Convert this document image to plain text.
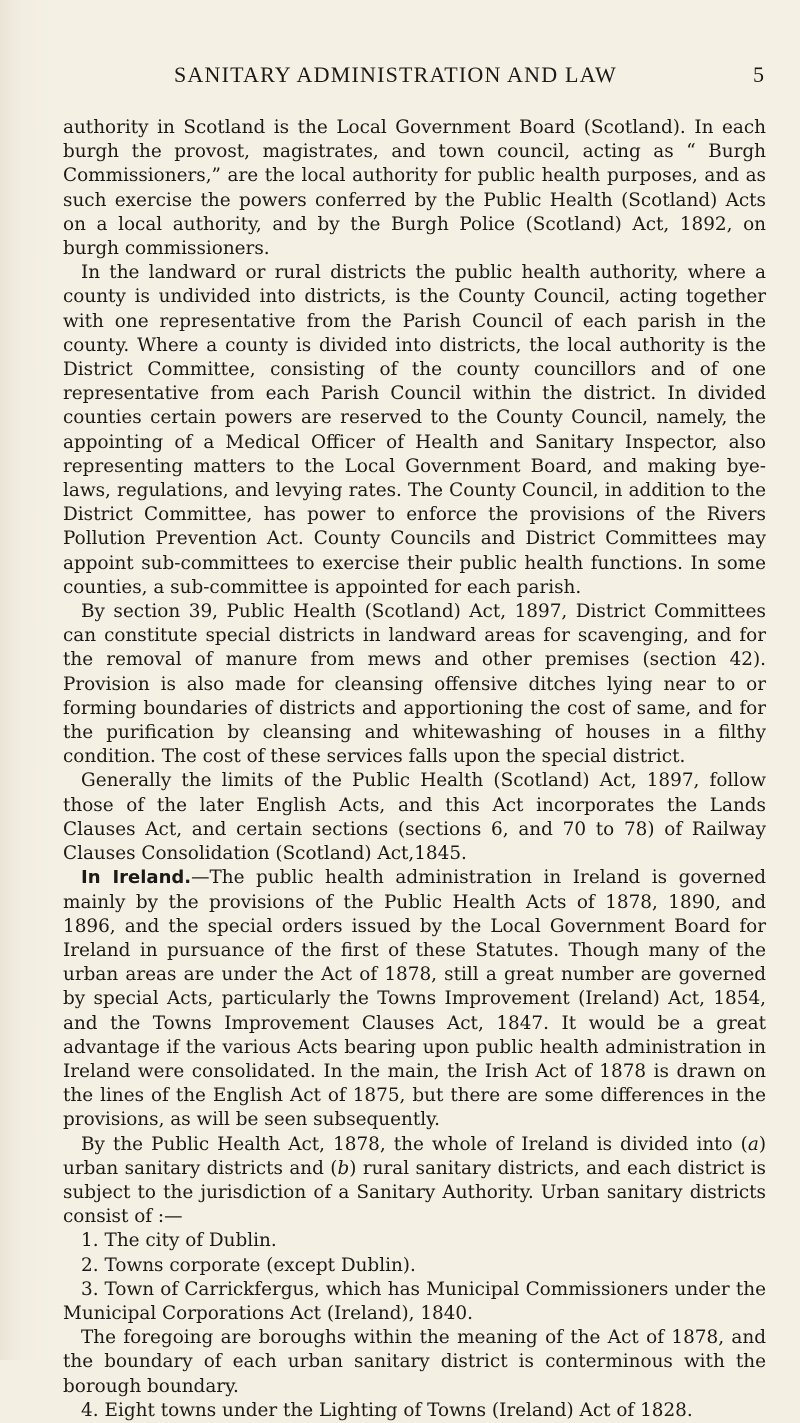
SANITARY ADMINISTRATION AND LAW	5

authority in Scotland is the Local Government Board (Scotland). In each burgh the provost, magistrates, and town council, acting as “ Burgh Commissioners,” are the local authority for public health purposes, and as such exercise the powers conferred by the Public Health (Scotland) Acts on a local authority, and by the Burgh Police (Scotland) Act, 1892, on burgh commissioners.

In the landward or rural districts the public health authority, where a county is undivided into districts, is the County Council, acting together with one representative from the Parish Council of each parish in the county. Where a county is divided into districts, the local authority is the District Committee, consisting of the county councillors and of one representative from each Parish Council within the district. In divided counties certain powers are reserved to the County Council, namely, the appointing of a Medical Officer of Health and Sanitary Inspector, also representing matters to the Local Government Board, and making bye-laws, regulations, and levying rates. The County Council, in addition to the District Committee, has power to enforce the provisions of the Rivers Pollution Prevention Act. County Councils and District Committees may appoint sub-committees to exercise their public health functions. In some counties, a sub-committee is appointed for each parish.

By section 39, Public Health (Scotland) Act, 1897, District Committees can constitute special districts in landward areas for scavenging, and for the removal of manure from mews and other premises (section 42). Provision is also made for cleansing offensive ditches lying near to or forming boundaries of districts and apportioning the cost of same, and for the purification by cleansing and whitewashing of houses in a filthy condition. The cost of these services falls upon the special district.

Generally the limits of the Public Health (Scotland) Act, 1897, follow those of the later English Acts, and this Act incorporates the Lands Clauses Act, and certain sections (sections 6, and 70 to 78) of Railway Clauses Consolidation (Scotland) Act,1845.

In Ireland.—The public health administration in Ireland is governed mainly by the provisions of the Public Health Acts of 1878, 1890, and 1896, and the special orders issued by the Local Government Board for Ireland in pursuance of the first of these Statutes. Though many of the urban areas are under the Act of 1878, still a great number are governed by special Acts, particularly the Towns Improvement (Ireland) Act, 1854, and the Towns Improvement Clauses Act, 1847. It would be a great advantage if the various Acts bearing upon public health administration in Ireland were consolidated. In the main, the Irish Act of 1878 is drawn on the lines of the English Act of 1875, but there are some differences in the provisions, as will be seen subsequently.

By the Public Health Act, 1878, the whole of Ireland is divided into (a) urban sanitary districts and (b) rural sanitary districts, and each district is subject to the jurisdiction of a Sanitary Authority. Urban sanitary districts consist of :—

1. The city of Dublin.

2. Towns corporate (except Dublin).

3. Town of Carrickfergus, which has Municipal Commissioners under the Municipal Corporations Act (Ireland), 1840.

The foregoing are boroughs within the meaning of the Act of 1878, and the boundary of each urban sanitary district is conterminous with the borough boundary.

4. Eight towns under the Lighting of Towns (Ireland) Act of 1828.
